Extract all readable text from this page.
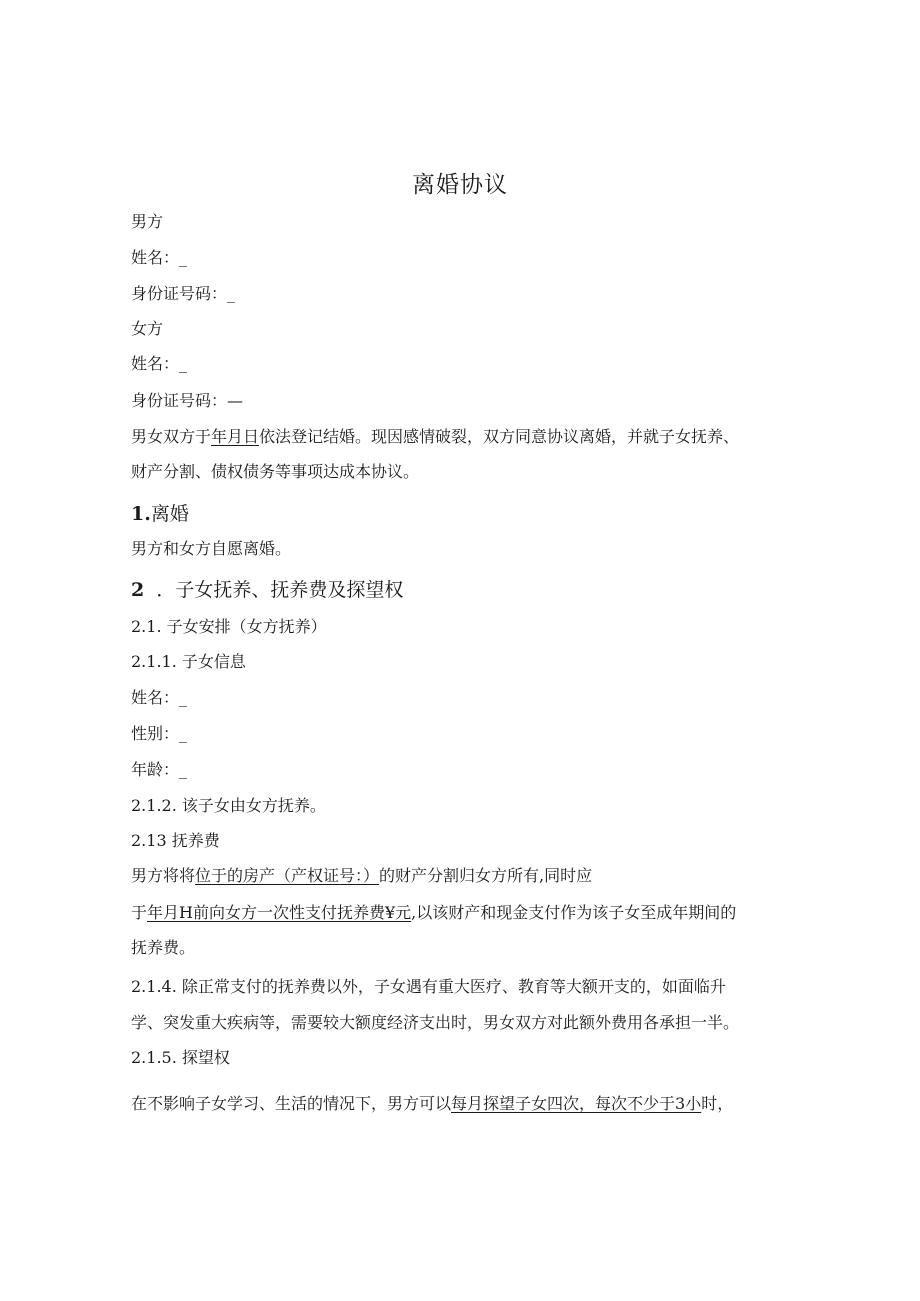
离婚协议
男方
姓名：_
身份证号码：_
女方
姓名：_
身份证号码：—
男女双方于年月日依法登记结婚。现因感情破裂，双方同意协议离婚，并就子女抚养、
财产分割、债权债务等事项达成本协议。
1.离婚
男方和女方自愿离婚。
2 ．子女抚养、抚养费及探望权
2.1. 子女安排（女方抚养）
2.1.1. 子女信息
姓名：_
性别：_
年龄：_
2.1.2. 该子女由女方抚养。
2.13 抚养费
男方将将位于的房产（产权证号：）的财产分割归女方所有,同时应
于年月H前向女方一次性支付抚养费¥元,以该财产和现金支付作为该子女至成年期间的
抚养费。
2.1.4. 除正常支付的抚养费以外，子女遇有重大医疗、教育等大额开支的，如面临升
学、突发重大疾病等，需要较大额度经济支出时，男女双方对此额外费用各承担一半。
2.1.5. 探望权
在不影响子女学习、生活的情况下，男方可以每月探望子女四次，每次不少于3小时，
